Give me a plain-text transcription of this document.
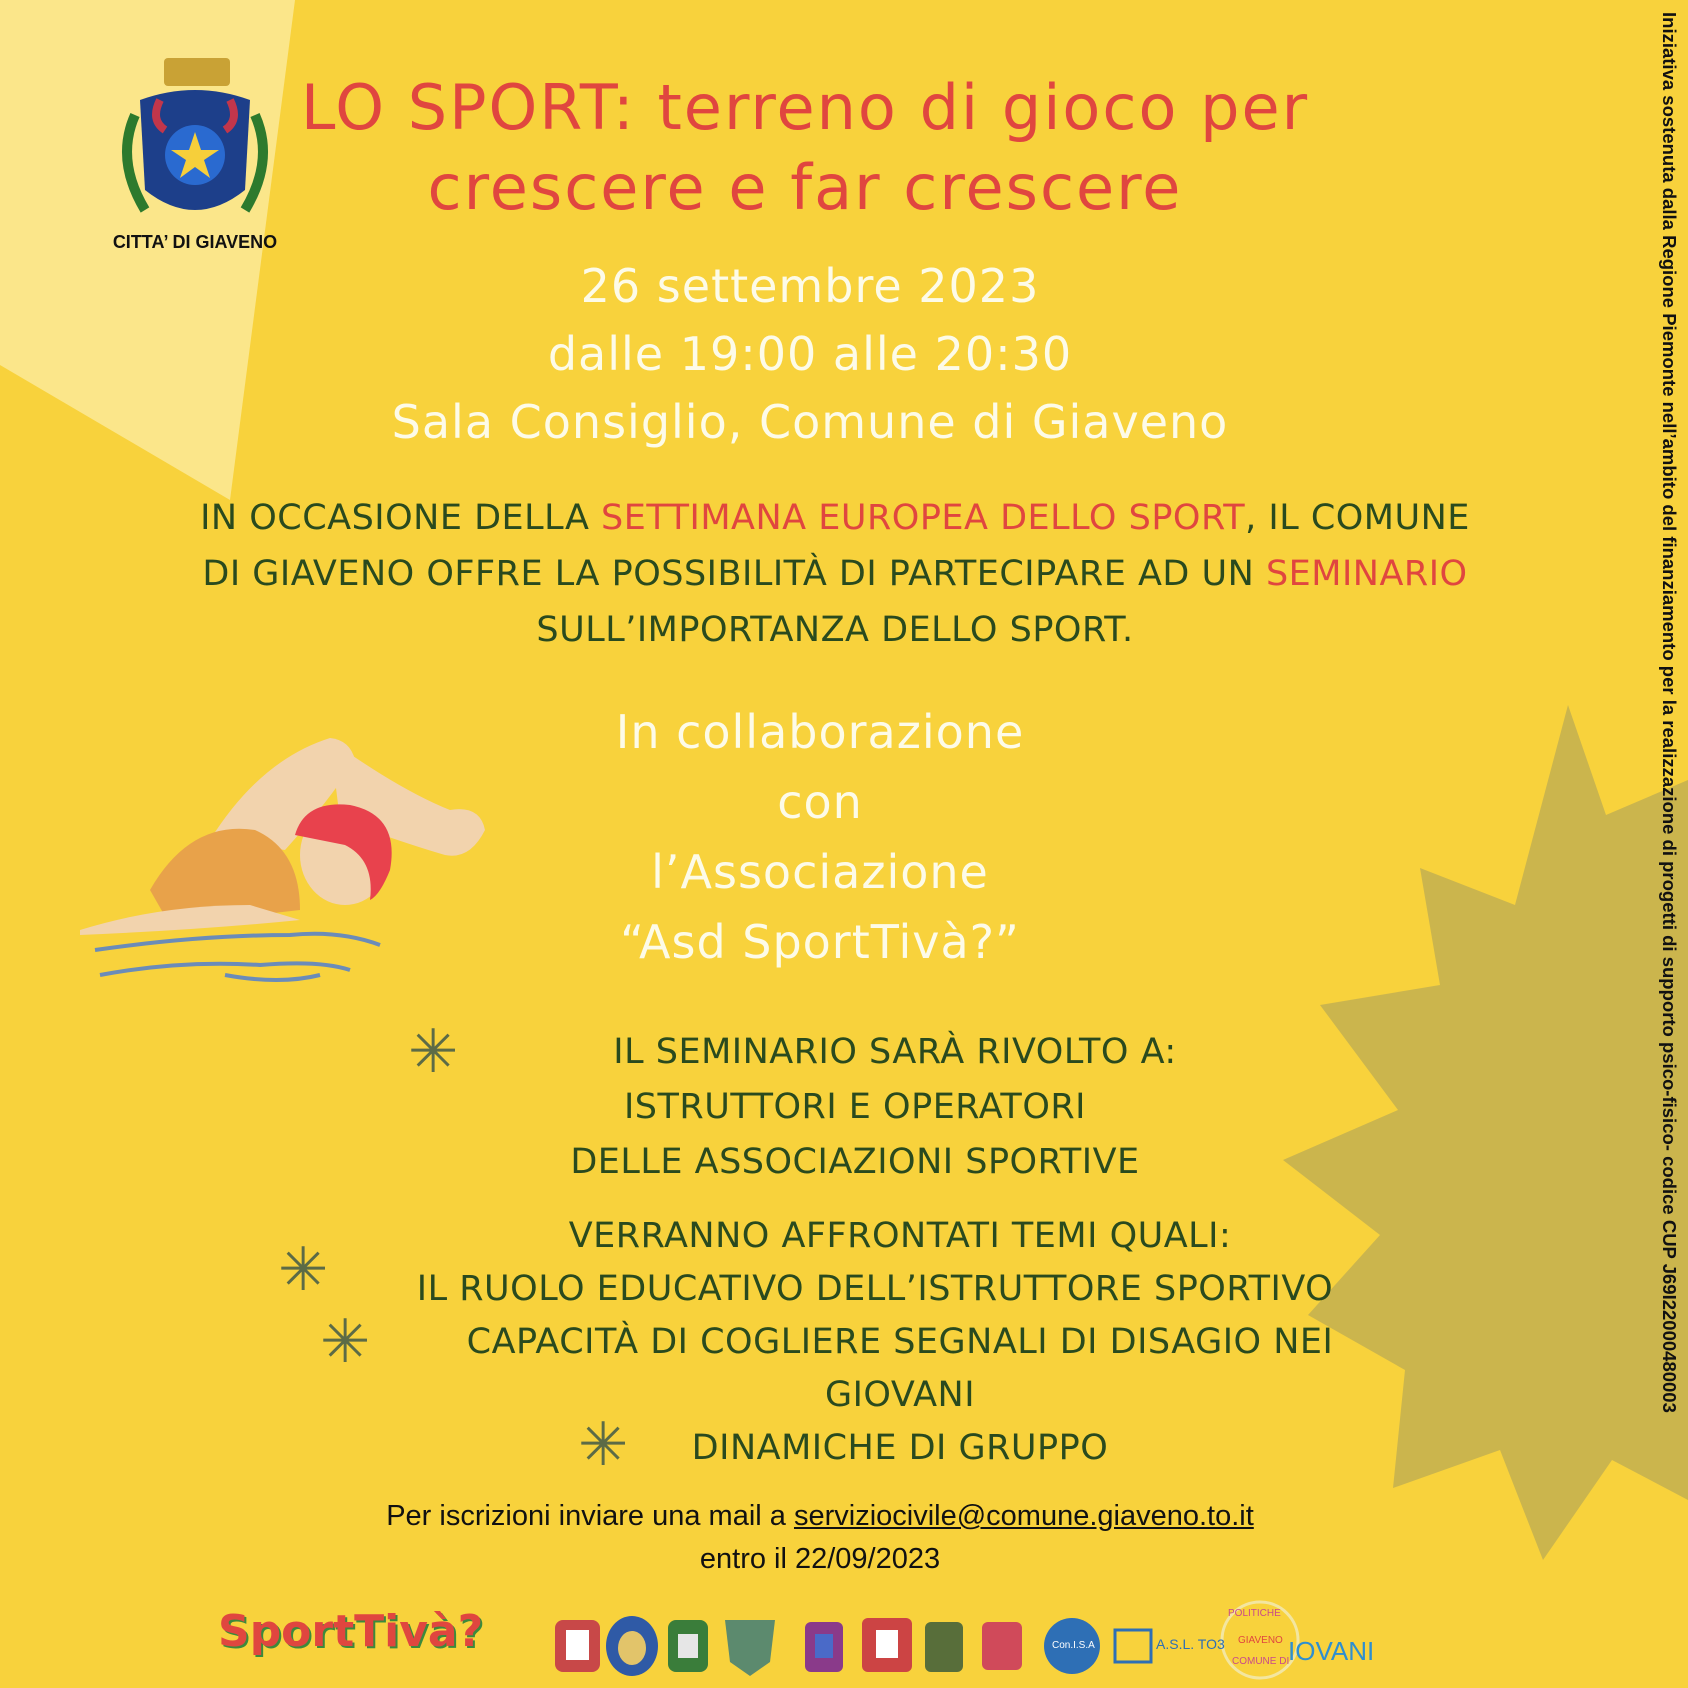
CITTA’ DI GIAVENO
LO SPORT: terreno di gioco per
crescere e far crescere
26 settembre 2023
dalle 19:00 alle 20:30
Sala Consiglio, Comune di Giaveno
IN OCCASIONE DELLA SETTIMANA EUROPEA DELLO SPORT, IL COMUNE DI GIAVENO OFFRE LA POSSIBILITÀ DI PARTECIPARE AD UN SEMINARIO SULL’IMPORTANZA DELLO SPORT.
In collaborazione
con
l’Associazione
“Asd SportTivà?”
✳	IL SEMINARIO SARÀ RIVOLTO A:
ISTRUTTORI E OPERATORI
DELLE ASSOCIAZIONI SPORTIVE
✳
✳
✳
VERRANNO AFFRONTATI TEMI QUALI:
IL RUOLO EDUCATIVO DELL’ISTRUTTORE SPORTIVO
CAPACITÀ DI COGLIERE SEGNALI DI DISAGIO NEI
GIOVANI
DINAMICHE DI GRUPPO
Per iscrizioni inviare una mail a serviziocivile@comune.giaveno.to.it
entro il 22/09/2023
Iniziativa sostenuta dalla Regione Piemonte nell’ambito del finanziamento per la realizzazione di progetti di supporto psico-fisico- codice CUP J69I22000480003
SportTivà?	Con.I.S.A	A.S.L. TO3
POLITICHE
GIAVENO
COMUNE DI
IOVANI
